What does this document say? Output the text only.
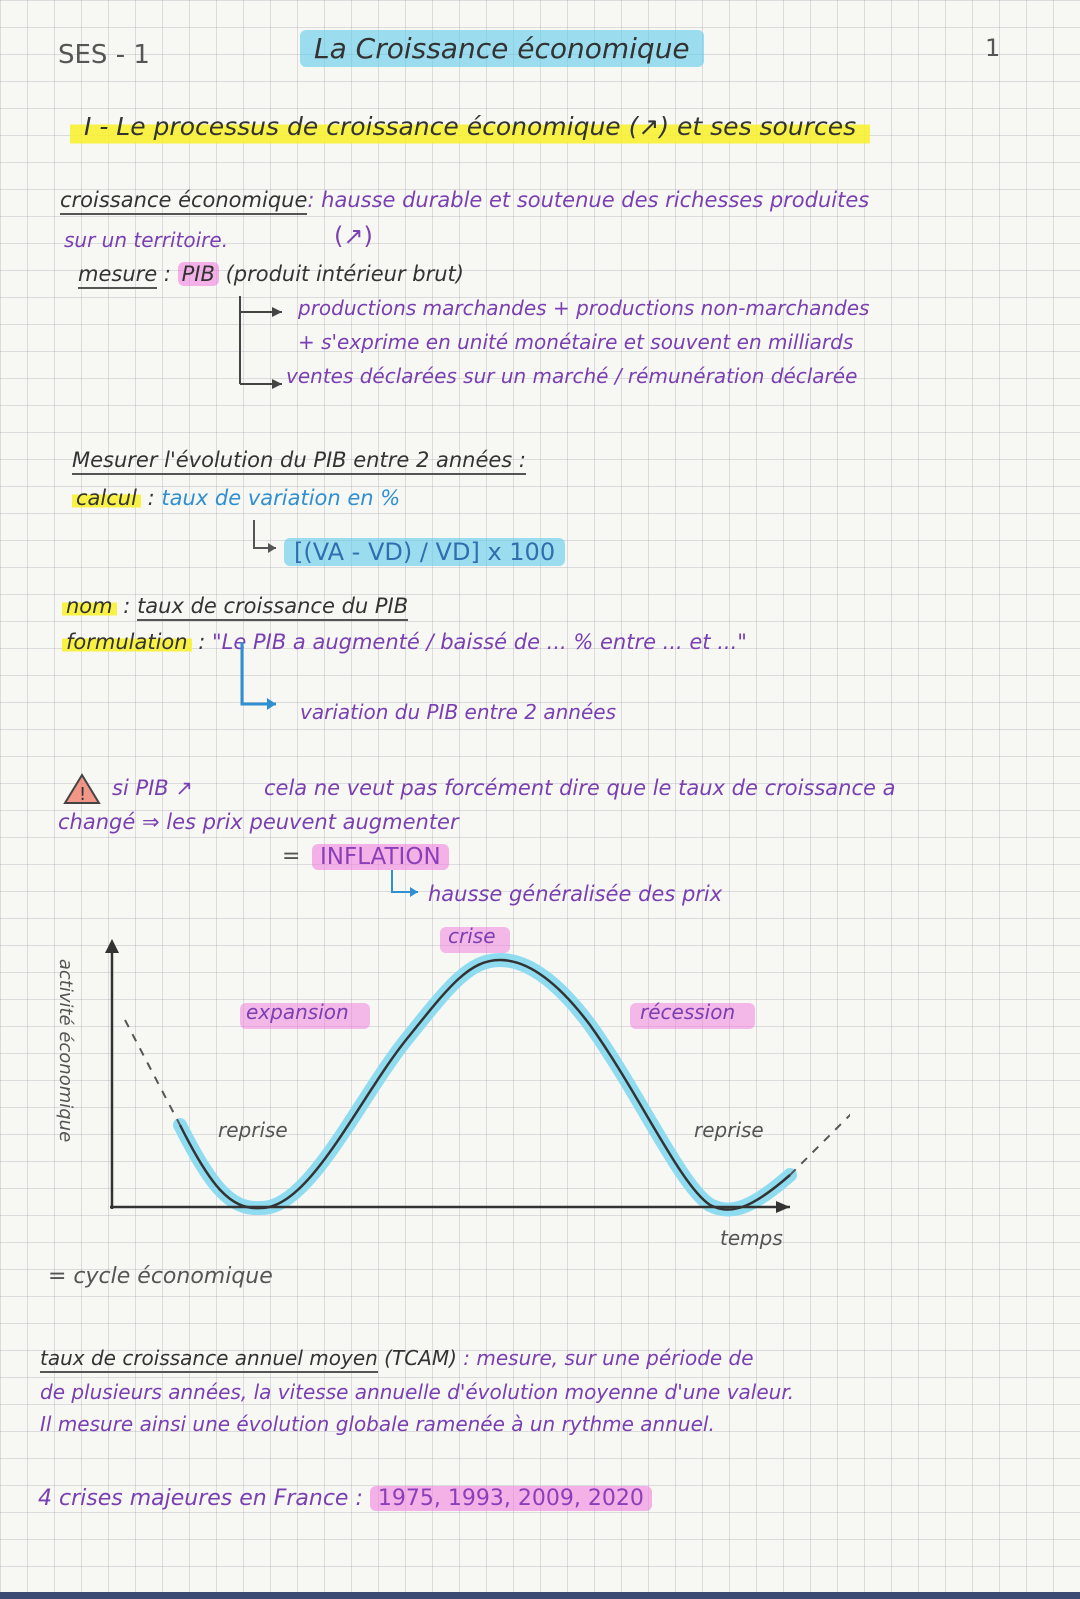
SES - 1	La Croissance économique	1
I - Le processus de croissance économique (↗) et ses sources
croissance économique: hausse durable et soutenue des richesses produites
sur un territoire.	(↗)
mesure : PIB (produit intérieur brut)
productions marchandes + productions non-marchandes
+ s'exprime en unité monétaire et souvent en milliards
ventes déclarées sur un marché / rémunération déclarée
Mesurer l'évolution du PIB entre 2 années :
calcul : taux de variation en %
[(VA - VD) / VD] x 100
nom : taux de croissance du PIB
formulation : "Le PIB a augmenté / baissé de ... % entre ... et ..."
variation du PIB entre 2 années
! si PIB ↗	cela ne veut pas forcément dire que le taux de croissance a
changé ⇒ les prix peuvent augmenter
= INFLATION
hausse généralisée des prix
crise
expansion	récession
reprise	reprise
temps
activité économique
= cycle économique
taux de croissance annuel moyen (TCAM) : mesure, sur une période de
de plusieurs années, la vitesse annuelle d'évolution moyenne d'une valeur.
Il mesure ainsi une évolution globale ramenée à un rythme annuel.
4 crises majeures en France : 1975, 1993, 2009, 2020
